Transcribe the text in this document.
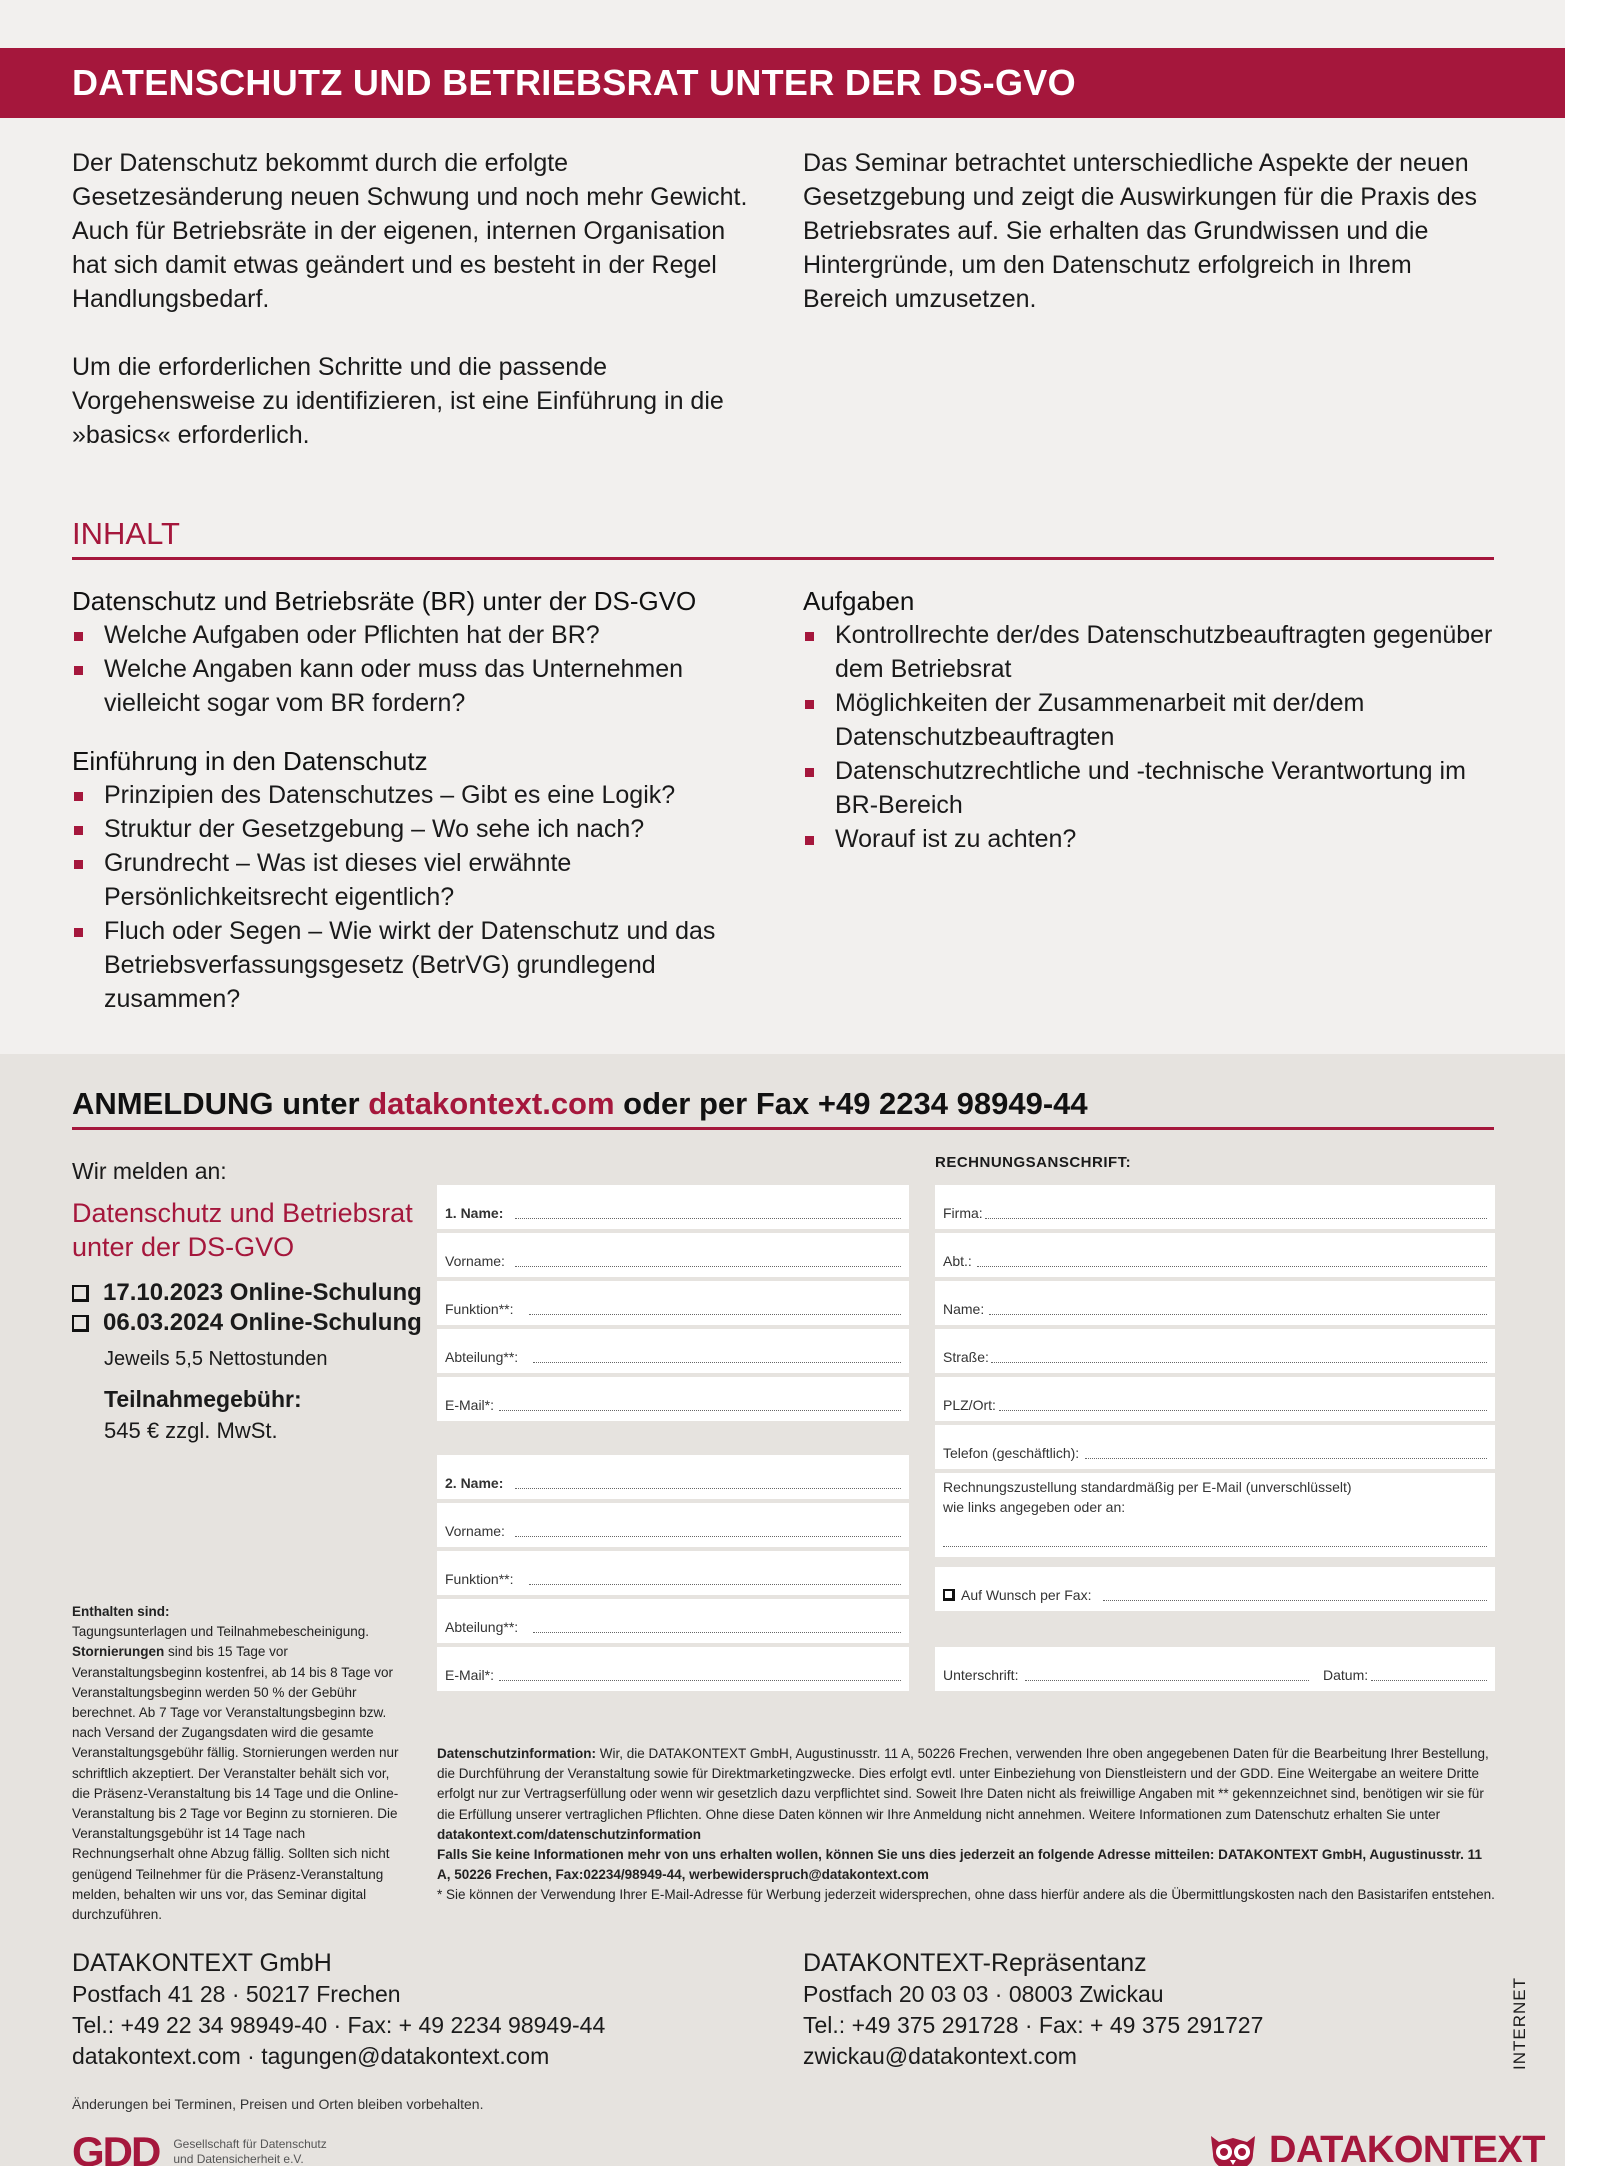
DATENSCHUTZ UND BETRIEBSRAT UNTER DER DS-GVO

Der Datenschutz bekommt durch die erfolgte Gesetzesänderung neuen Schwung und noch mehr Gewicht. Auch für Betriebsräte in der eigenen, internen Organisation hat sich damit etwas geändert und es besteht in der Regel Handlungsbedarf.

Um die erforderlichen Schritte und die passende Vorgehensweise zu identifizieren, ist eine Einführung in die »basics« erforderlich.

Das Seminar betrachtet unterschiedliche Aspekte der neuen Gesetzgebung und zeigt die Auswirkungen für die Praxis des Betriebsrates auf. Sie erhalten das Grundwissen und die Hintergründe, um den Datenschutz erfolgreich in Ihrem Bereich umzusetzen.

INHALT
Datenschutz und Betriebsräte (BR) unter der DS-GVO
Welche Aufgaben oder Pflichten hat der BR?
Welche Angaben kann oder muss das Unternehmen vielleicht sogar vom BR fordern?
Einführung in den Datenschutz
Prinzipien des Datenschutzes – Gibt es eine Logik?
Struktur der Gesetzgebung – Wo sehe ich nach?
Grundrecht – Was ist dieses viel erwähnte Persönlichkeitsrecht eigentlich?
Fluch oder Segen – Wie wirkt der Datenschutz und das Betriebsverfassungsgesetz (BetrVG) grundlegend zusammen?
Aufgaben
Kontrollrechte der/des Datenschutzbeauftragten gegenüber dem Betriebsrat
Möglichkeiten der Zusammenarbeit mit der/dem Datenschutzbeauftragten
Datenschutzrechtliche und -technische Verantwortung im BR-Bereich
Worauf ist zu achten?
ANMELDUNG unter datakontext.com oder per Fax +49 2234 98949-44
Wir melden an:
Datenschutz und Betriebsrat unter der DS-GVO
17.10.2023 Online-Schulung
06.03.2024 Online-Schulung
Jeweils 5,5 Nettostunden
Teilnahmegebühr:
545 € zzgl. MwSt.
Enthalten sind:
Tagungsunterlagen und Teilnahmebescheinigung.
Stornierungen sind bis 15 Tage vor Veranstaltungsbeginn kostenfrei, ab 14 bis 8 Tage vor Veranstaltungsbeginn werden 50 % der Gebühr berechnet. Ab 7 Tage vor Veranstaltungsbeginn bzw. nach Versand der Zugangsdaten wird die gesamte Veranstaltungsgebühr fällig. Stornierungen werden nur schriftlich akzeptiert. Der Veranstalter behält sich vor, die Präsenz-Veranstaltung bis 14 Tage und die Online-Veranstaltung bis 2 Tage vor Beginn zu stornieren. Die Veranstaltungsgebühr ist 14 Tage nach Rechnungserhalt ohne Abzug fällig. Sollten sich nicht genügend Teilnehmer für die Präsenz-Veranstaltung melden, behalten wir uns vor, das Seminar digital durchzuführen.
1. Name:
Vorname:
Funktion**:
Abteilung**:
E-Mail*:
2. Name:
Vorname:
Funktion**:
Abteilung**:
E-Mail*:
RECHNUNGSANSCHRIFT:
Firma:
Abt.:
Name:
Straße:
PLZ/Ort:
Telefon (geschäftlich):
Rechnungszustellung standardmäßig per E-Mail (unverschlüsselt)
wie links angegeben oder an:
Auf Wunsch per Fax:
Unterschrift:	Datum:
Datenschutzinformation: Wir, die DATAKONTEXT GmbH, Augustinusstr. 11 A, 50226 Frechen, verwenden Ihre oben angegebenen Daten für die Bearbeitung Ihrer Bestellung, die Durchführung der Veranstaltung sowie für Direktmarketingzwecke. Dies erfolgt evtl. unter Einbeziehung von Dienstleistern und der GDD. Eine Weitergabe an weitere Dritte erfolgt nur zur Vertragserfüllung oder wenn wir gesetzlich dazu verpflichtet sind. Soweit Ihre Daten nicht als freiwillige Angaben mit ** gekennzeichnet sind, benötigen wir sie für die Erfüllung unserer vertraglichen Pflichten. Ohne diese Daten können wir Ihre Anmeldung nicht annehmen. Weitere Informationen zum Datenschutz erhalten Sie unter datakontext.com/datenschutzinformation
Falls Sie keine Informationen mehr von uns erhalten wollen, können Sie uns dies jederzeit an folgende Adresse mitteilen: DATAKONTEXT GmbH, Augustinusstr. 11 A, 50226 Frechen, Fax:02234/98949-44, werbewiderspruch@datakontext.com
* Sie können der Verwendung Ihrer E-Mail-Adresse für Werbung jederzeit widersprechen, ohne dass hierfür andere als die Übermittlungskosten nach den Basistarifen entstehen.
DATAKONTEXT GmbH
Postfach 41 28 · 50217 Frechen
Tel.: +49 22 34 98949-40 · Fax: + 49 2234 98949-44
datakontext.com · tagungen@datakontext.com
DATAKONTEXT-Repräsentanz
Postfach 20 03 03 · 08003 Zwickau
Tel.: +49 375 291728 · Fax: + 49 375 291727
zwickau@datakontext.com	INTERNET
Änderungen bei Terminen, Preisen und Orten bleiben vorbehalten.
GDD Gesellschaft für Datenschutz
und Datensicherheit e.V.	DATAKONTEXT
